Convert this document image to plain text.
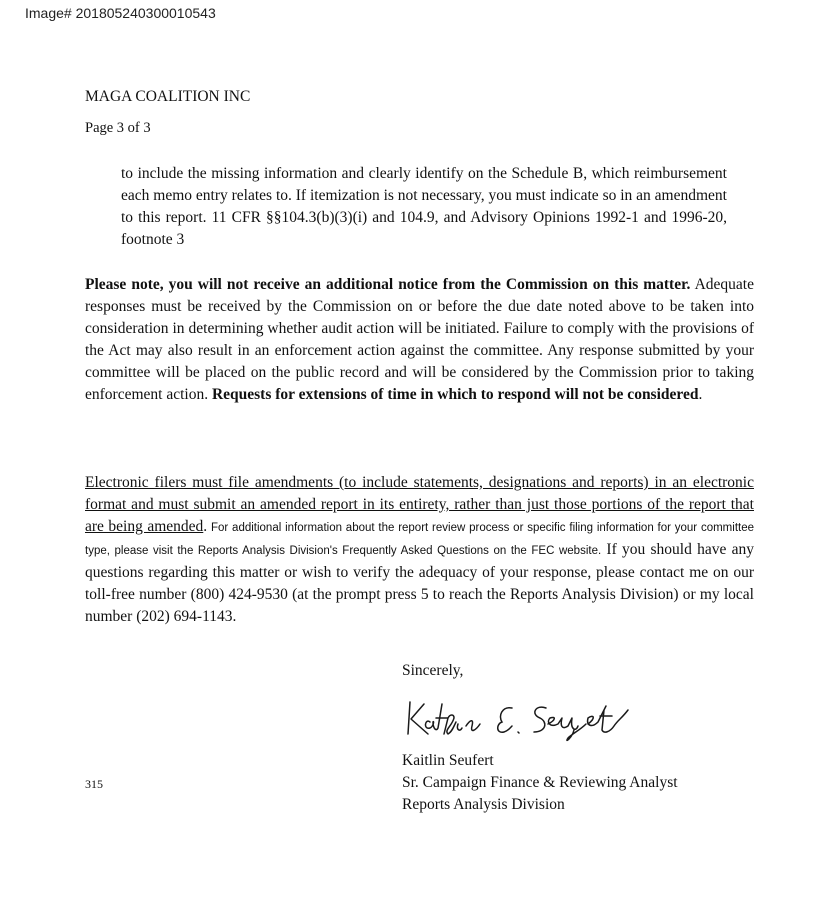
Image# 201805240300010543
MAGA COALITION INC
Page 3 of 3

to include the missing information and clearly identify on the Schedule B, which reimbursement each memo entry relates to. If itemization is not necessary, you must indicate so in an amendment to this report. 11 CFR §§104.3(b)(3)(i) and 104.9, and Advisory Opinions 1992-1 and 1996-20, footnote 3

Please note, you will not receive an additional notice from the Commission on this matter. Adequate responses must be received by the Commission on or before the due date noted above to be taken into consideration in determining whether audit action will be initiated. Failure to comply with the provisions of the Act may also result in an enforcement action against the committee. Any response submitted by your committee will be placed on the public record and will be considered by the Commission prior to taking enforcement action. Requests for extensions of time in which to respond will not be considered.

Electronic filers must file amendments (to include statements, designations and reports) in an electronic format and must submit an amended report in its entirety, rather than just those portions of the report that are being amended. For additional information about the report review process or specific filing information for your committee type, please visit the Reports Analysis Division's Frequently Asked Questions on the FEC website. If you should have any questions regarding this matter or wish to verify the adequacy of your response, please contact me on our toll-free number (800) 424-9530 (at the prompt press 5 to reach the Reports Analysis Division) or my local number (202) 694-1143.

Sincerely,
Kaitlin Seufert
Sr. Campaign Finance & Reviewing Analyst
Reports Analysis Division
315
